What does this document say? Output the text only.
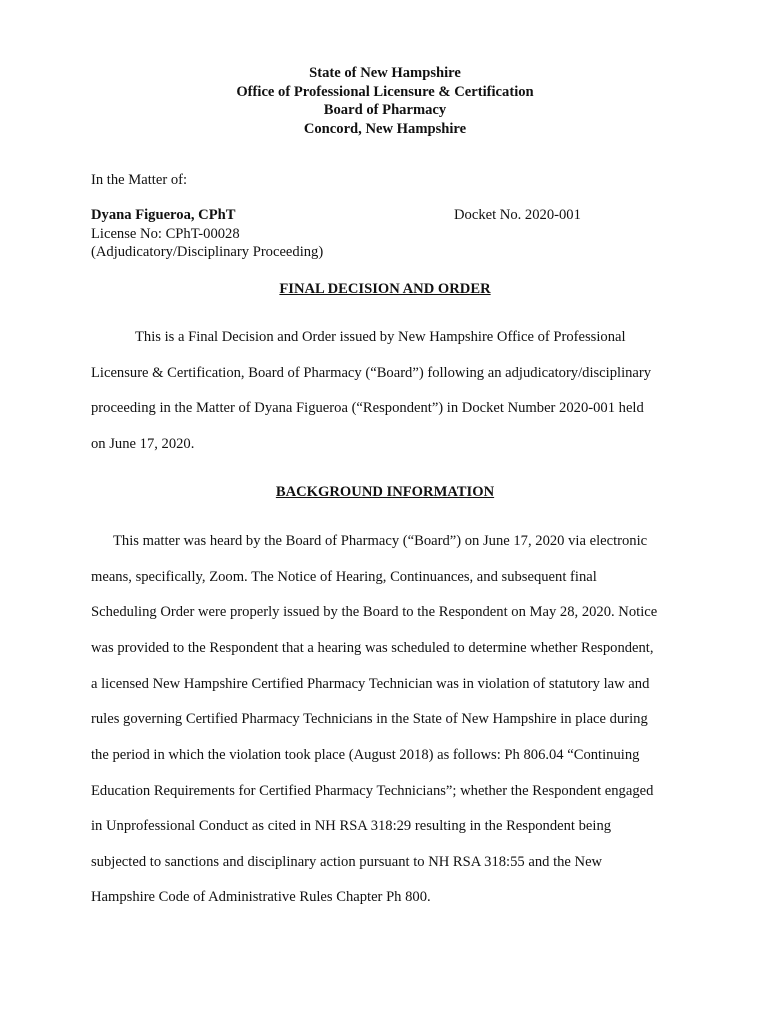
State of New Hampshire
Office of Professional Licensure & Certification
Board of Pharmacy
Concord, New Hampshire
In the Matter of:
Dyana Figueroa, CPhT
License No: CPhT-00028
(Adjudicatory/Disciplinary Proceeding)
Docket No. 2020-001
FINAL DECISION AND ORDER
This is a Final Decision and Order issued by New Hampshire Office of Professional
Licensure & Certification, Board of Pharmacy (“Board”) following an adjudicatory/disciplinary
proceeding in the Matter of Dyana Figueroa (“Respondent”) in Docket Number 2020-001 held
on June 17, 2020.
BACKGROUND INFORMATION
This matter was heard by the Board of Pharmacy (“Board”) on June 17, 2020 via electronic
means, specifically, Zoom. The Notice of Hearing, Continuances, and subsequent final
Scheduling Order were properly issued by the Board to the Respondent on May 28, 2020. Notice
was provided to the Respondent that a hearing was scheduled to determine whether Respondent,
a licensed New Hampshire Certified Pharmacy Technician was in violation of statutory law and
rules governing Certified Pharmacy Technicians in the State of New Hampshire in place during
the period in which the violation took place (August 2018) as follows: Ph 806.04 “Continuing
Education Requirements for Certified Pharmacy Technicians”; whether the Respondent engaged
in Unprofessional Conduct as cited in NH RSA 318:29 resulting in the Respondent being
subjected to sanctions and disciplinary action pursuant to NH RSA 318:55 and the New
Hampshire Code of Administrative Rules Chapter Ph 800.
